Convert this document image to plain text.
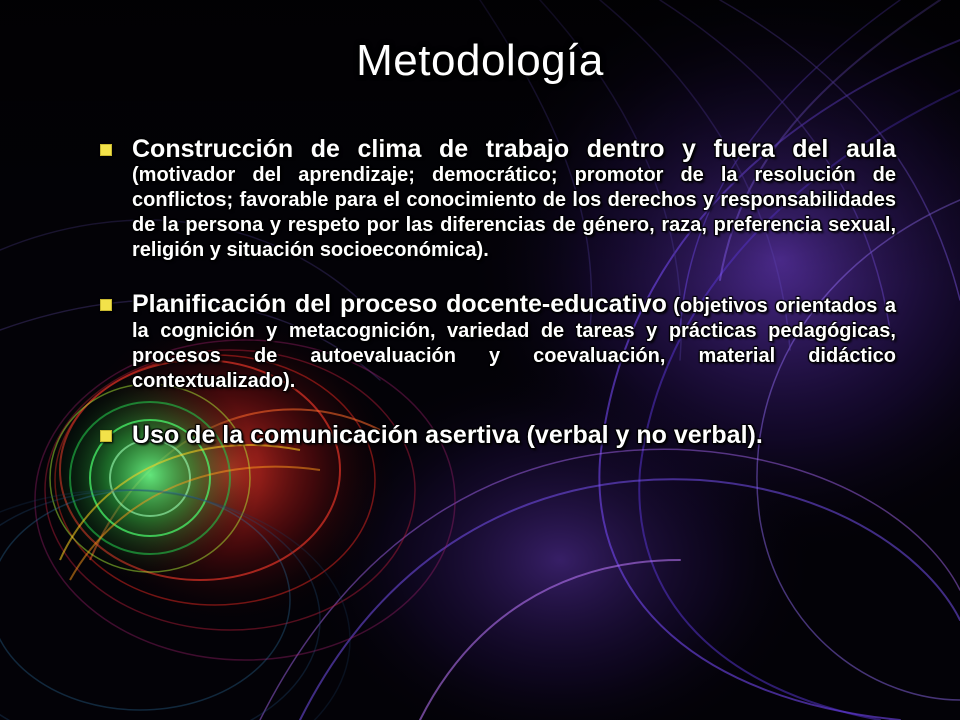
Metodología
Construcción de clima de trabajo dentro y fuera del aula (motivador del aprendizaje; democrático; promotor de la resolución de conflictos; favorable para el conocimiento de los derechos y responsabilidades de la persona y respeto por las diferencias de género, raza, preferencia sexual, religión y situación socioeconómica).
Planificación del proceso docente-educativo (objetivos orientados a la cognición y metacognición, variedad de tareas y prácticas pedagógicas, procesos de autoevaluación y coevaluación, material didáctico contextualizado).
Uso de la comunicación asertiva (verbal y no verbal).
